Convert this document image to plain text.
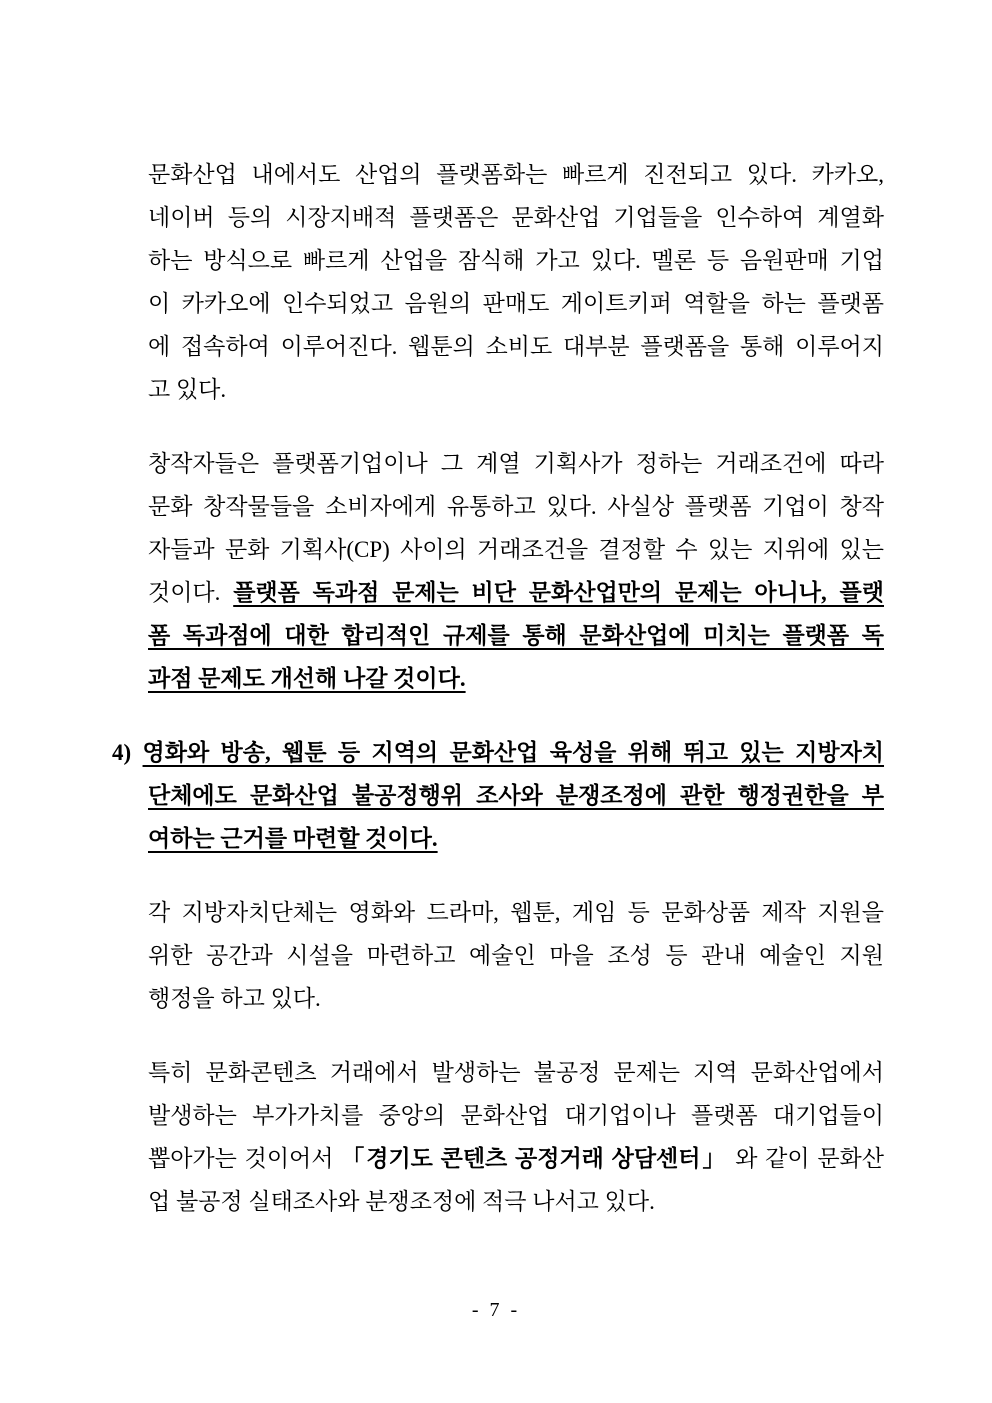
문화산업 내에서도 산업의 플랫폼화는 빠르게 진전되고 있다. 카카오,
네이버 등의 시장지배적 플랫폼은 문화산업 기업들을 인수하여 계열화
하는 방식으로 빠르게 산업을 잠식해 가고 있다. 멜론 등 음원판매 기업
이 카카오에 인수되었고 음원의 판매도 게이트키퍼 역할을 하는 플랫폼
에 접속하여 이루어진다. 웹툰의 소비도 대부분 플랫폼을 통해 이루어지
고 있다.
창작자들은 플랫폼기업이나 그 계열 기획사가 정하는 거래조건에 따라
문화 창작물들을 소비자에게 유통하고 있다. 사실상 플랫폼 기업이 창작
자들과 문화 기획사(CP) 사이의 거래조건을 결정할 수 있는 지위에 있는
것이다. 플랫폼 독과점 문제는 비단 문화산업만의 문제는 아니나, 플랫
폼 독과점에 대한 합리적인 규제를 통해 문화산업에 미치는 플랫폼 독
과점 문제도 개선해 나갈 것이다.
4) 영화와 방송, 웹툰 등 지역의 문화산업 육성을 위해 뛰고 있는 지방자치
단체에도 문화산업 불공정행위 조사와 분쟁조정에 관한 행정권한을 부
여하는 근거를 마련할 것이다.
각 지방자치단체는 영화와 드라마, 웹툰, 게임 등 문화상품 제작 지원을
위한 공간과 시설을 마련하고 예술인 마을 조성 등 관내 예술인 지원
행정을 하고 있다.
특히 문화콘텐츠 거래에서 발생하는 불공정 문제는 지역 문화산업에서
발생하는 부가가치를 중앙의 문화산업 대기업이나 플랫폼 대기업들이
뽑아가는 것이어서 「경기도 콘텐츠 공정거래 상담센터」 와 같이 문화산
업 불공정 실태조사와 분쟁조정에 적극 나서고 있다.
- 7 -
